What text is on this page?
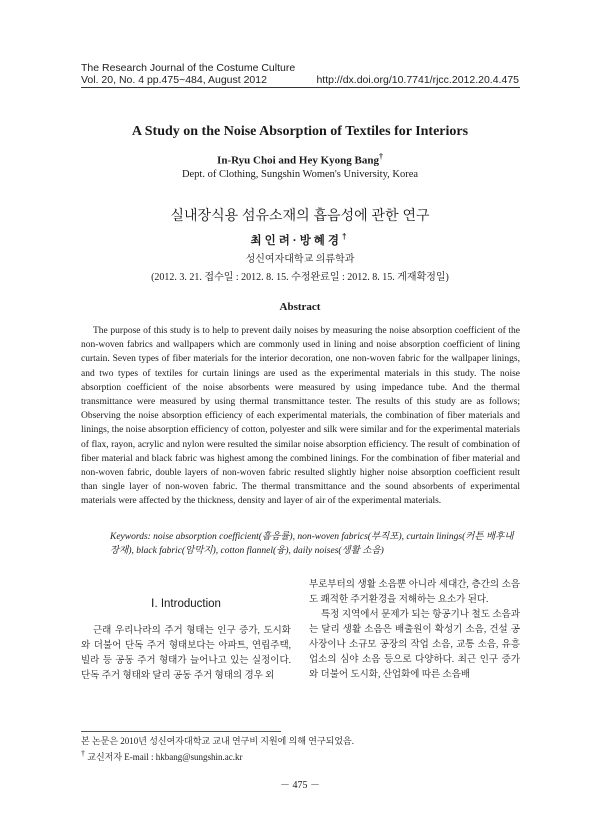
The Research Journal of the Costume Culture
Vol. 20, No. 4 pp.475~484, August 2012	http://dx.doi.org/10.7741/rjcc.2012.20.4.475
A Study on the Noise Absorption of Textiles for Interiors
In-Ryu Choi and Hey Kyong Bang†
Dept. of Clothing, Sungshin Women's University, Korea
실내장식용 섬유소재의 흡음성에 관한 연구
최인려·방혜경†
성신여자대학교 의류학과
(2012. 3. 21. 접수일 : 2012. 8. 15. 수정완료일 : 2012. 8. 15. 게재확정일)
Abstract

The purpose of this study is to help to prevent daily noises by measuring the noise absorption coefficient of the non-woven fabrics and wallpapers which are commonly used in lining and noise absorption coefficient of lining curtain. Seven types of fiber materials for the interior decoration, one non-woven fabric for the wallpaper linings, and two types of textiles for curtain linings are used as the experimental materials in this study. The noise absorption coefficient of the noise absorbents were measured by using impedance tube. And the thermal transmittance were measured by using thermal transmittance tester. The results of this study are as follows; Observing the noise absorption efficiency of each experimental materials, the combination of fiber materials and linings, the noise absorption efficiency of cotton, polyester and silk were similar and for the experimental materials of flax, rayon, acrylic and nylon were resulted the similar noise absorption efficiency. The result of combination of fiber material and black fabric was highest among the combined linings. For the combination of fiber material and non-woven fabric, double layers of non-woven fabric resulted slightly higher noise absorption coefficient result than single layer of non-woven fabric. The thermal transmittance and the sound absorbents of experimental materials were affected by the thickness, density and layer of air of the experimental materials.

Keywords: noise absorption coefficient(흡음률), non-woven fabrics(부직포), curtain linings(커튼 배후내장재), black fabric(암막지), cotton flannel(융), daily noises(생활 소음)

Ⅰ. Introduction

근래 우리나라의 주거 형태는 인구 증가, 도시화와 더불어 단독 주거 형태보다는 아파트, 연립주택, 빌라 등 공동 주거 형태가 늘어나고 있는 실정이다. 단독 주거 형태와 달리 공동 주거 형태의 경우 외

부로부터의 생활 소음뿐 아니라 세대간, 층간의 소음도 쾌적한 주거환경을 저해하는 요소가 된다.

특정 지역에서 문제가 되는 항공기나 철도 소음과는 달리 생활 소음은 배출원이 확성기 소음, 건설 공사장이나 소규모 공장의 작업 소음, 교통 소음, 유흥업소의 심야 소음 등으로 다양하다. 최근 인구 증가와 더불어 도시화, 산업화에 따른 소음배

본 논문은 2010년 성신여자대학교 교내 연구비 지원에 의해 연구되었음.
† 교신저자 E-mail : hkbang@sungshin.ac.kr
－ 475 －
